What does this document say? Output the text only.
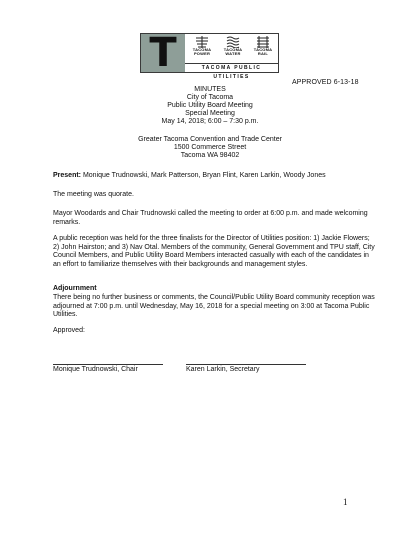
T	TACOMA
POWER
TACOMA
WATER
TACOMA
RAIL
TACOMA PUBLIC UTILITIES
APPROVED 6-13-18
MINUTES
City of Tacoma
Public Utility Board Meeting
Special Meeting
May 14, 2018; 6:00 – 7:30 p.m.
Greater Tacoma Convention and Trade Center
1500 Commerce Street
Tacoma WA 98402
Present: Monique Trudnowski, Mark Patterson, Bryan Flint, Karen Larkin, Woody Jones
The meeting was quorate.
Mayor Woodards and Chair Trudnowski called the meeting to order at 6:00 p.m. and made welcoming remarks.
A public reception was held for the three finalists for the Director of Utilities position: 1) Jackie Flowers; 2) John Hairston; and 3) Nav Otal. Members of the community, General Government and TPU staff, City Council Members, and Public Utility Board Members interacted casually with each of the candidates in an effort to familiarize themselves with their backgrounds and management styles.
Adjournment
There being no further business or comments, the Council/Public Utility Board community reception was adjourned at 7:00 p.m. until Wednesday, May 16, 2018 for a special meeting on 3:00 at Tacoma Public Utilities.
Approved:
Monique Trudnowski, Chair	Karen Larkin, Secretary
1
